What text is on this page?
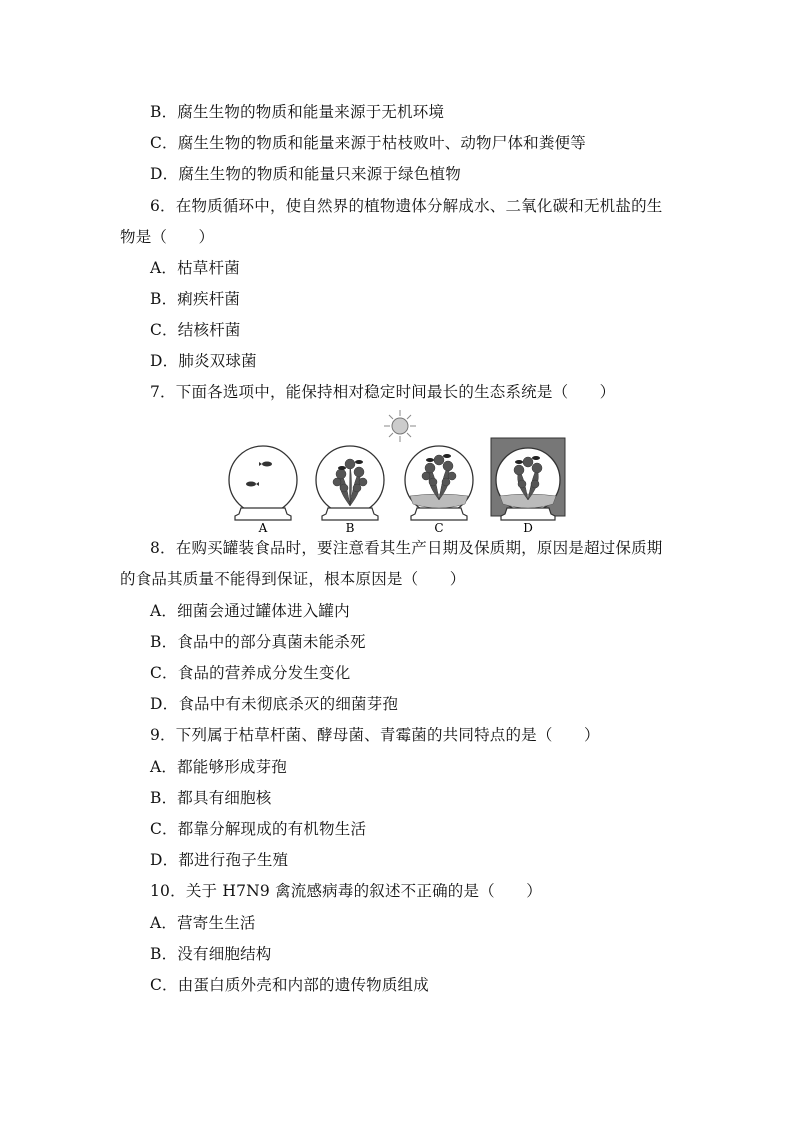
B．腐生生物的物质和能量来源于无机环境
C．腐生生物的物质和能量来源于枯枝败叶、动物尸体和粪便等
D．腐生生物的物质和能量只来源于绿色植物
6．在物质循环中，使自然界的植物遗体分解成水、二氧化碳和无机盐的生
物是（　　）
A．枯草杆菌
B．痢疾杆菌
C．结核杆菌
D．肺炎双球菌
7．下面各选项中，能保持相对稳定时间最长的生态系统是（　　）
A	B	C	D
8．在购买罐装食品时，要注意看其生产日期及保质期，原因是超过保质期
的食品其质量不能得到保证，根本原因是（　　）
A．细菌会通过罐体进入罐内
B．食品中的部分真菌未能杀死
C．食品的营养成分发生变化
D．食品中有未彻底杀灭的细菌芽孢
9．下列属于枯草杆菌、酵母菌、青霉菌的共同特点的是（　　）
A．都能够形成芽孢
B．都具有细胞核
C．都靠分解现成的有机物生活
D．都进行孢子生殖
10．关于 H7N9 禽流感病毒的叙述不正确的是（　　）
A．营寄生生活
B．没有细胞结构
C．由蛋白质外壳和内部的遗传物质组成
